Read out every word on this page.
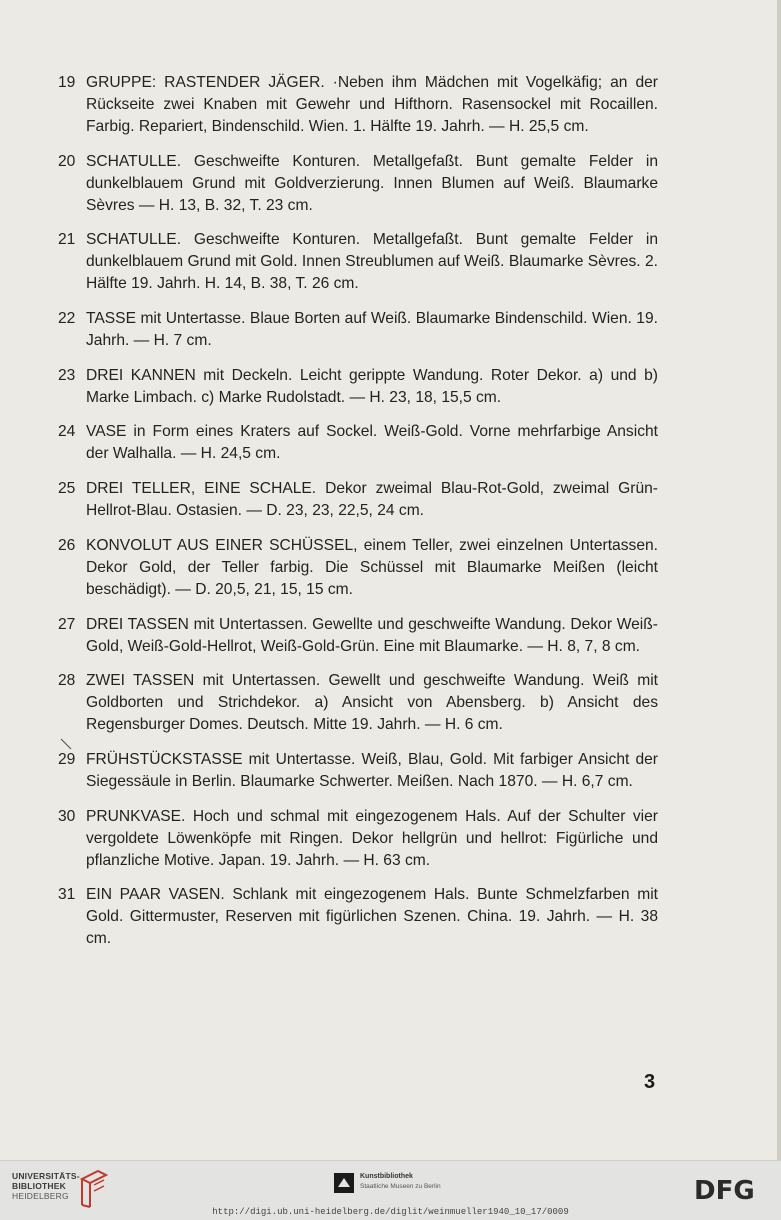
19 GRUPPE: RASTENDER JÄGER. ·Neben ihm Mädchen mit Vogelkäfig; an der Rückseite zwei Knaben mit Gewehr und Hifthorn. Rasensockel mit Rocaillen. Farbig. Repariert, Bindenschild. Wien. 1. Hälfte 19. Jahrh. — H. 25,5 cm.
20 SCHATULLE. Geschweifte Konturen. Metallgefaßt. Bunt gemalte Felder in dunkelblauem Grund mit Goldverzierung. Innen Blumen auf Weiß. Blaumarke Sèvres — H. 13, B. 32, T. 23 cm.
21 SCHATULLE. Geschweifte Konturen. Metallgefaßt. Bunt gemalte Felder in dunkelblauem Grund mit Gold. Innen Streublumen auf Weiß. Blaumarke Sèvres. 2. Hälfte 19. Jahrh. H. 14, B. 38, T. 26 cm.
22 TASSE mit Untertasse. Blaue Borten auf Weiß. Blaumarke Bindenschild. Wien. 19. Jahrh. — H. 7 cm.
23 DREI KANNEN mit Deckeln. Leicht gerippte Wandung. Roter Dekor. a) und b) Marke Limbach. c) Marke Rudolstadt. — H. 23, 18, 15,5 cm.
24 VASE in Form eines Kraters auf Sockel. Weiß-Gold. Vorne mehrfarbige Ansicht der Walhalla. — H. 24,5 cm.
25 DREI TELLER, EINE SCHALE. Dekor zweimal Blau-Rot-Gold, zweimal Grün-Hellrot-Blau. Ostasien. — D. 23, 23, 22,5, 24 cm.
26 KONVOLUT AUS EINER SCHÜSSEL, einem Teller, zwei einzelnen Untertassen. Dekor Gold, der Teller farbig. Die Schüssel mit Blaumarke Meißen (leicht beschädigt). — D. 20,5, 21, 15, 15 cm.
27 DREI TASSEN mit Untertassen. Gewellte und geschweifte Wandung. Dekor Weiß-Gold, Weiß-Gold-Hellrot, Weiß-Gold-Grün. Eine mit Blaumarke. — H. 8, 7, 8 cm.
28 ZWEI TASSEN mit Untertassen. Gewellt und geschweifte Wandung. Weiß mit Goldborten und Strichdekor. a) Ansicht von Abensberg. b) Ansicht des Regensburger Domes. Deutsch. Mitte 19. Jahrh. — H. 6 cm.
29 FRÜHSTÜCKSTASSE mit Untertasse. Weiß, Blau, Gold. Mit farbiger Ansicht der Siegessäule in Berlin. Blaumarke Schwerter. Meißen. Nach 1870. — H. 6,7 cm.
30 PRUNKVASE. Hoch und schmal mit eingezogenem Hals. Auf der Schulter vier vergoldete Löwenköpfe mit Ringen. Dekor hellgrün und hellrot: Figürliche und pflanzliche Motive. Japan. 19. Jahrh. — H. 63 cm.
31 EIN PAAR VASEN. Schlank mit eingezogenem Hals. Bunte Schmelzfarben mit Gold. Gittermuster, Reserven mit figürlichen Szenen. China. 19. Jahrh. — H. 38 cm.
3
UNIVERSITÄTS-
BIBLIOTHEK
HEIDELBERG
Kunstbibliothek
Staatliche Museen zu Berlin	DFG
http://digi.ub.uni-heidelberg.de/diglit/weinmueller1940_10_17/0009
